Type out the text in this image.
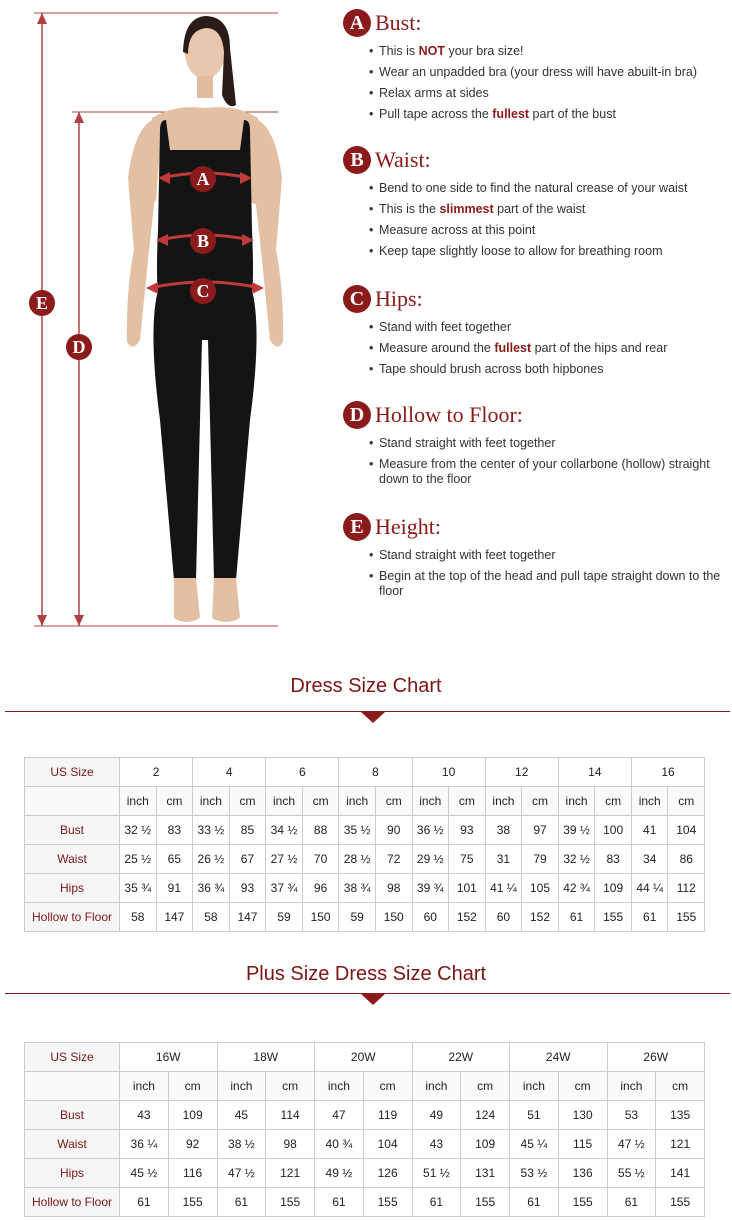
A
B
C
D
E
A Bust:
• This is NOT your bra size!
• Wear an unpadded bra (your dress will have abuilt-in bra)
• Relax arms at sides
• Pull tape across the fullest part of the bust
B Waist:
• Bend to one side to find the natural crease of your waist
• This is the slimmest part of the waist
• Measure across at this point
• Keep tape slightly loose to allow for breathing room
C Hips:
• Stand with feet together
• Measure around the fullest part of the hips and rear
• Tape should brush across both hipbones
D Hollow to Floor:
• Stand straight with feet together
• Measure from the center of your collarbone (hollow) straight down to the floor
E Height:
• Stand straight with feet together
• Begin at the top of the head and pull tape straight down to the floor
Dress Size Chart
US Size	2		4		6		8		10		12		14		16	
	inch	cm	inch	cm	inch	cm	inch	cm	inch	cm	inch	cm	inch	cm	inch	cm
Bust	32 ½	83	33 ½	85	34 ½	88	35 ½	90	36 ½	93	38	97	39 ½	100	41	104
Waist	25 ½	65	26 ½	67	27 ½	70	28 ½	72	29 ½	75	31	79	32 ½	83	34	86
Hips	35 ¾	91	36 ¾	93	37 ¾	96	38 ¾	98	39 ¾	101	41 ¼	105	42 ¾	109	44 ¼	112
Hollow to Floor	58	147	58	147	59	150	59	150	60	152	60	152	61	155	61	155
Plus Size Dress Size Chart
US Size	16W		18W		20W		22W		24W		26W	
	inch	cm	inch	cm	inch	cm	inch	cm	inch	cm	inch	cm
Bust	43	109	45	114	47	119	49	124	51	130	53	135
Waist	36 ¼	92	38 ½	98	40 ¾	104	43	109	45 ¼	115	47 ½	121
Hips	45 ½	116	47 ½	121	49 ½	126	51 ½	131	53 ½	136	55 ½	141
Hollow to Floor	61	155	61	155	61	155	61	155	61	155	61	155
